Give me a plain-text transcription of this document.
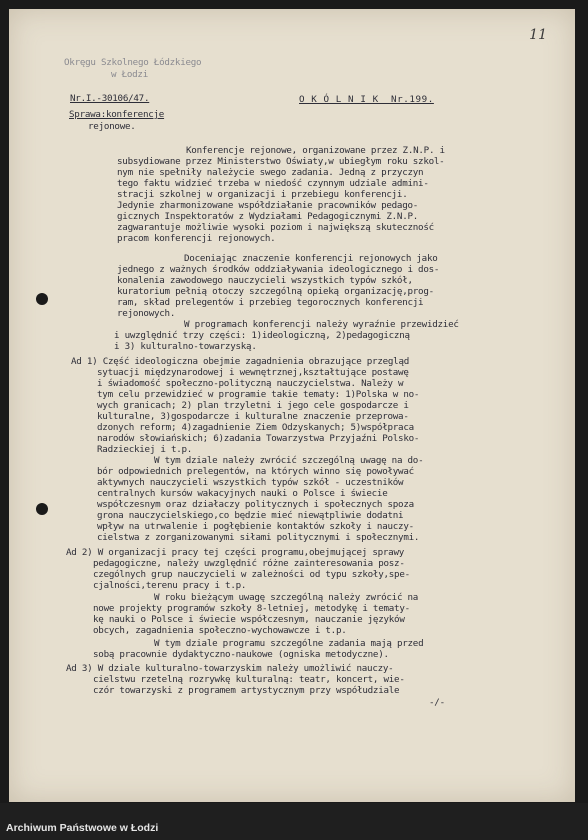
11
Okręgu Szkolnego Łódzkiego
w Łodzi
Nr.I.-30106/47.	O K Ó L N I K  Nr.199.
Sprawa:konferencje
rejonowe.
Konferencje rejonowe, organizowane przez Z.N.P. i
subsydiowane przez Ministerstwo Oświaty,w ubiegłym roku szkol-
nym nie spełniły należycie swego zadania. Jedną z przyczyn
tego faktu widzieć trzeba w niedość czynnym udziale admini-
stracji szkolnej w organizacji i przebiegu konferencji.
Jedynie zharmonizowane współdziałanie pracowników pedago-
gicznych Inspektoratów z Wydziałami Pedagogicznymi Z.N.P.
zagwarantuje możliwie wysoki poziom i największą skuteczność
pracom konferencji rejonowych.
Doceniając znaczenie konferencji rejonowych jako
jednego z ważnych środków oddziaływania ideologicznego i dos-
konalenia zawodowego nauczycieli wszystkich typów szkół,
kuratorium pełnią otoczy szczególną opieką organizację,prog-
ram, skład prelegentów i przebieg tegorocznych konferencji
rejonowych.
W programach konferencji należy wyraźnie przewidzieć
i uwzględnić trzy części: 1)ideologiczną, 2)pedagogiczną
i 3) kulturalno-towarzyską.
Ad 1) Część ideologiczna obejmie zagadnienia obrazujące przegląd
sytuacji międzynarodowej i wewnętrznej,kształtujące postawę
i świadomość społeczno-polityczną nauczycielstwa. Należy w
tym celu przewidzieć w programie takie tematy: 1)Polska w no-
wych granicach; 2) plan trzyletni i jego cele gospodarcze i
kulturalne, 3)gospodarcze i kulturalne znaczenie przeprowa-
dzonych reform; 4)zagadnienie Ziem Odzyskanych; 5)współpraca
narodów słowiańskich; 6)zadania Towarzystwa Przyjaźni Polsko-
Radzieckiej i t.p.
W tym dziale należy zwrócić szczególną uwagę na do-
bór odpowiednich prelegentów, na których winno się powoływać
aktywnych nauczycieli wszystkich typów szkół - uczestników
centralnych kursów wakacyjnych nauki o Polsce i świecie
współczesnym oraz działaczy politycznych i społecznych spoza
grona nauczycielskiego,co będzie mieć niewątpliwie dodatni
wpływ na utrwalenie i pogłębienie kontaktów szkoły i nauczy-
cielstwa z zorganizowanymi siłami politycznymi i społecznymi.
Ad 2) W organizacji pracy tej części programu,obejmującej sprawy
pedagogiczne, należy uwzględnić różne zainteresowania posz-
czególnych grup nauczycieli w zależności od typu szkoły,spe-
cjalności,terenu pracy i t.p.
W roku bieżącym uwagę szczególną należy zwrócić na
nowe projekty programów szkoły 8-letniej, metodykę i tematy-
kę nauki o Polsce i świecie współczesnym, nauczanie języków
obcych, zagadnienia społeczno-wychowawcze i t.p.
W tym dziale programu szczególne zadania mają przed
sobą pracownie dydaktyczno-naukowe (ogniska metodyczne).
Ad 3) W dziale kulturalno-towarzyskim należy umożliwić nauczy-
cielstwu rzetelną rozrywkę kulturalną: teatr, koncert, wie-
czór towarzyski z programem artystycznym przy współudziale
-/-
Archiwum Państwowe w Łodzi
